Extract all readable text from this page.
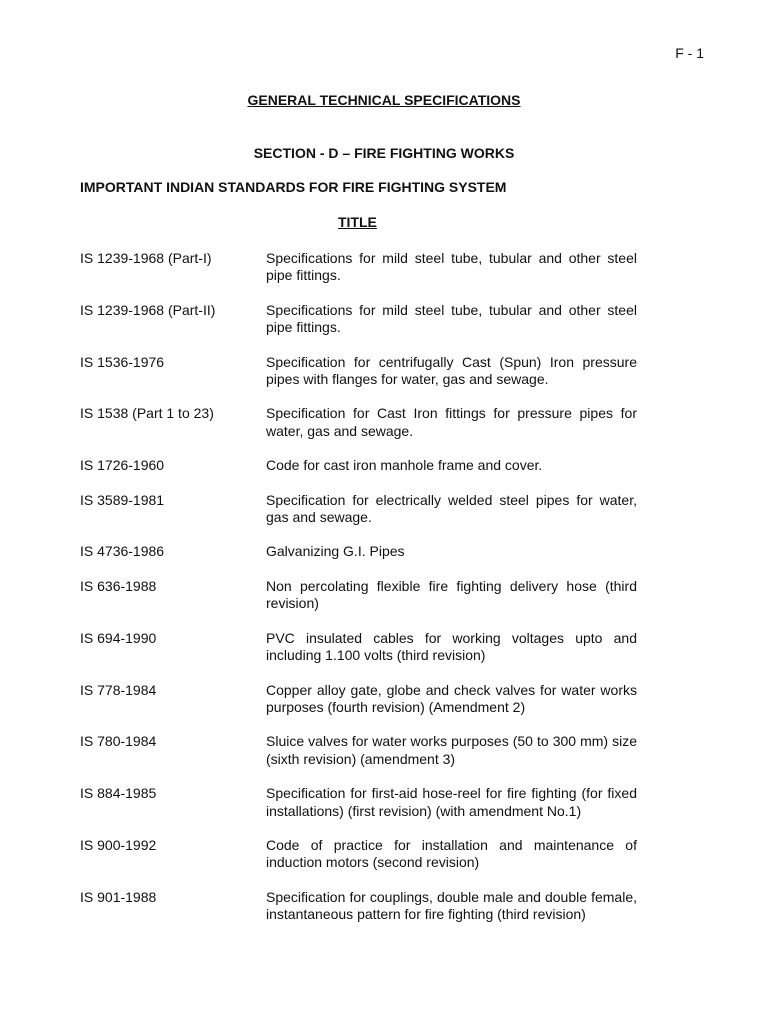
F - 1
GENERAL TECHNICAL SPECIFICATIONS
SECTION - D – FIRE FIGHTING WORKS
IMPORTANT INDIAN STANDARDS FOR FIRE FIGHTING SYSTEM
TITLE
IS 1239-1968 (Part-I)	Specifications for mild steel tube, tubular and other steel pipe fittings.
IS 1239-1968 (Part-II)	Specifications for mild steel tube, tubular and other steel pipe fittings.
IS 1536-1976	Specification for centrifugally Cast (Spun) Iron pressure pipes with flanges for water, gas and sewage.
IS 1538 (Part 1 to 23)	Specification for Cast Iron fittings for pressure pipes for water, gas and sewage.
IS 1726-1960	Code for cast iron manhole frame and cover.
IS 3589-1981	Specification for electrically welded steel pipes for water, gas and sewage.
IS 4736-1986	Galvanizing G.I. Pipes
IS 636-1988	Non percolating flexible fire fighting delivery hose (third revision)
IS 694-1990	PVC insulated cables for working voltages upto and including 1.100 volts (third revision)
IS 778-1984	Copper alloy gate, globe and check valves for water works purposes (fourth revision) (Amendment 2)
IS 780-1984	Sluice valves for water works purposes (50 to 300 mm) size (sixth revision) (amendment 3)
IS 884-1985	Specification for first-aid hose-reel for fire fighting (for fixed installations) (first revision) (with amendment No.1)
IS 900-1992	Code of practice for installation and maintenance of induction motors (second revision)
IS 901-1988	Specification for couplings, double male and double female, instantaneous pattern for fire fighting (third revision)
